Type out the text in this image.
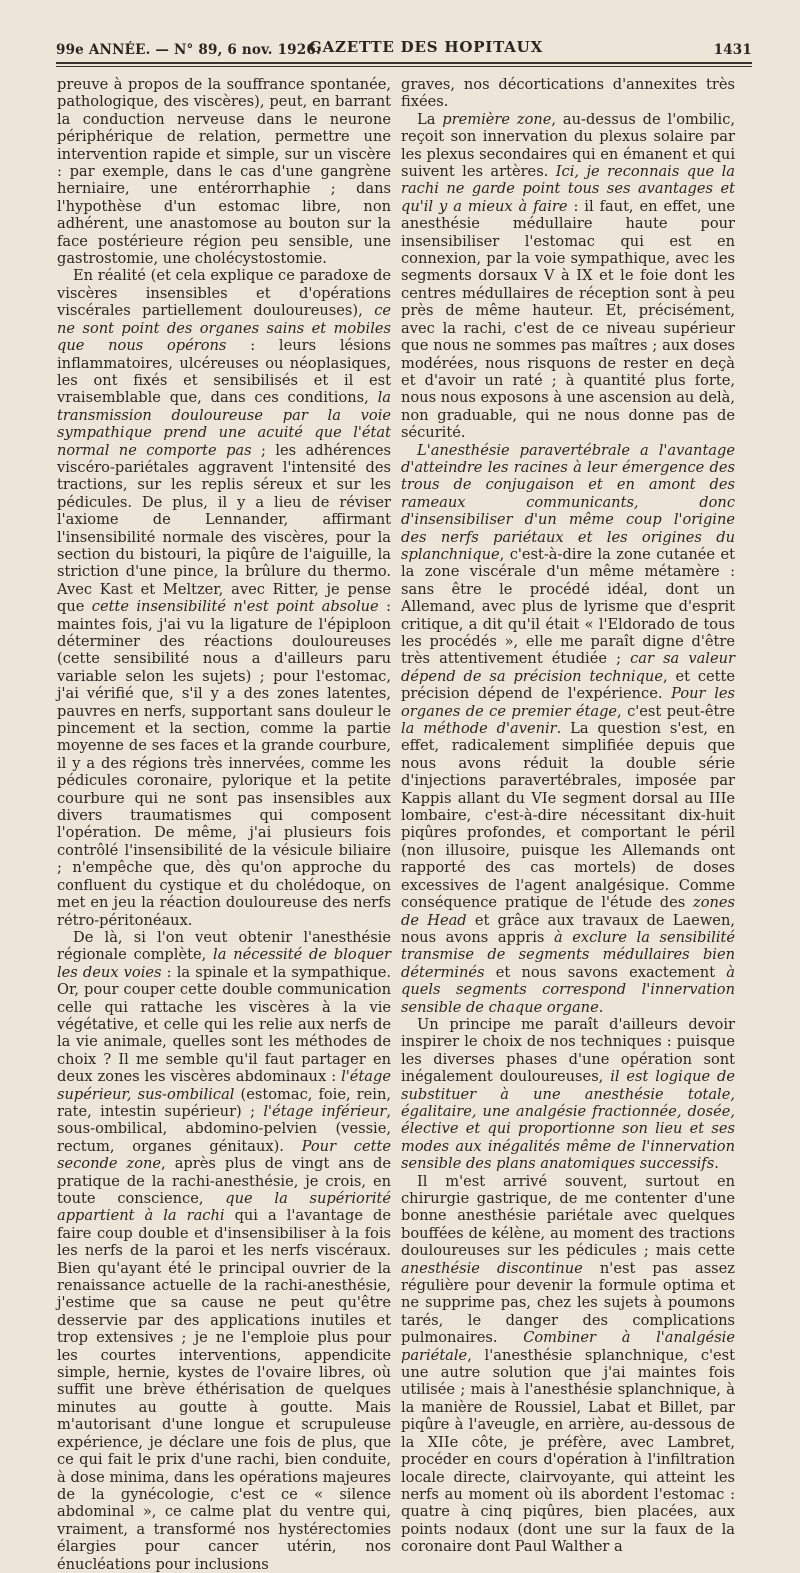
99e ANNÉE. — N° 89, 6 nov. 1926.
GAZETTE DES HOPITAUX	1431

preuve à propos de la souffrance spontanée, pathologique, des viscères), peut, en barrant la conduction nerveuse dans le neurone périphérique de relation, permettre une intervention rapide et simple, sur un viscère : par exemple, dans le cas d'une gangrène herniaire, une entérorrhaphie ; dans l'hypothèse d'un estomac libre, non adhérent, une anastomose au bouton sur la face postérieure région peu sensible, une gastrostomie, une cholécystostomie.

En réalité (et cela explique ce paradoxe de viscères insensibles et d'opérations viscérales partiellement douloureuses), ce ne sont point des organes sains et mobiles que nous opérons : leurs lésions inflammatoires, ulcéreuses ou néoplasiques, les ont fixés et sensibilisés et il est vraisemblable que, dans ces conditions, la transmission douloureuse par la voie sympathique prend une acuité que l'état normal ne comporte pas ; les adhérences viscéro-pariétales aggravent l'intensité des tractions, sur les replis séreux et sur les pédicules. De plus, il y a lieu de réviser l'axiome de Lennander, affirmant l'insensibilité normale des viscères, pour la section du bistouri, la piqûre de l'aiguille, la striction d'une pince, la brûlure du thermo. Avec Kast et Meltzer, avec Ritter, je pense que cette insensibilité n'est point absolue : maintes fois, j'ai vu la ligature de l'épiploon déterminer des réactions douloureuses (cette sensibilité nous a d'ailleurs paru variable selon les sujets) ; pour l'estomac, j'ai vérifié que, s'il y a des zones latentes, pauvres en nerfs, supportant sans douleur le pincement et la section, comme la partie moyenne de ses faces et la grande courbure, il y a des régions très innervées, comme les pédicules coronaire, pylorique et la petite courbure qui ne sont pas insensibles aux divers traumatismes qui composent l'opération. De même, j'ai plusieurs fois contrôlé l'insensibilité de la vésicule biliaire ; n'empêche que, dès qu'on approche du confluent du cystique et du cholédoque, on met en jeu la réaction douloureuse des nerfs rétro-péritonéaux.

De là, si l'on veut obtenir l'anesthésie régionale complète, la nécessité de bloquer les deux voies : la spinale et la sympathique. Or, pour couper cette double communication celle qui rattache les viscères à la vie végétative, et celle qui les relie aux nerfs de la vie animale, quelles sont les méthodes de choix ? Il me semble qu'il faut partager en deux zones les viscères abdominaux : l'étage supérieur, sus-ombilical (estomac, foie, rein, rate, intestin supérieur) ; l'étage inférieur, sous-ombilical, abdomino-pelvien (vessie, rectum, organes génitaux). Pour cette seconde zone, après plus de vingt ans de pratique de la rachi-anesthésie, je crois, en toute conscience, que la supériorité appartient à la rachi qui a l'avantage de faire coup double et d'insensibiliser à la fois les nerfs de la paroi et les nerfs viscéraux. Bien qu'ayant été le principal ouvrier de la renaissance actuelle de la rachi-anesthésie, j'estime que sa cause ne peut qu'être desservie par des applications inutiles et trop extensives ; je ne l'emploie plus pour les courtes interventions, appendicite simple, hernie, kystes de l'ovaire libres, où suffit une brève éthérisation de quelques minutes au goutte à goutte. Mais m'autorisant d'une longue et scrupuleuse expérience, je déclare une fois de plus, que ce qui fait le prix d'une rachi, bien conduite, à dose minima, dans les opérations majeures de la gynécologie, c'est ce « silence abdominal », ce calme plat du ventre qui, vraiment, a transformé nos hystérectomies élargies pour cancer utérin, nos énucléations pour inclusions

graves, nos décortications d'annexites très fixées.

La première zone, au-dessus de l'ombilic, reçoit son innervation du plexus solaire par les plexus secondaires qui en émanent et qui suivent les artères. Ici, je reconnais que la rachi ne garde point tous ses avantages et qu'il y a mieux à faire : il faut, en effet, une anesthésie médullaire haute pour insensibiliser l'estomac qui est en connexion, par la voie sympathique, avec les segments dorsaux V à IX et le foie dont les centres médullaires de réception sont à peu près de même hauteur. Et, précisément, avec la rachi, c'est de ce niveau supérieur que nous ne sommes pas maîtres ; aux doses modérées, nous risquons de rester en deçà et d'avoir un raté ; à quantité plus forte, nous nous exposons à une ascension au delà, non graduable, qui ne nous donne pas de sécurité.

L'anesthésie paravertébrale a l'avantage d'atteindre les racines à leur émergence des trous de conjugaison et en amont des rameaux communicants, donc d'insensibiliser d'un même coup l'origine des nerfs pariétaux et les origines du splanchnique, c'est-à-dire la zone cutanée et la zone viscérale d'un même métamère : sans être le procédé idéal, dont un Allemand, avec plus de lyrisme que d'esprit critique, a dit qu'il était « l'Eldorado de tous les procédés », elle me paraît digne d'être très attentivement étudiée ; car sa valeur dépend de sa précision technique, et cette précision dépend de l'expérience. Pour les organes de ce premier étage, c'est peut-être la méthode d'avenir. La question s'est, en effet, radicalement simplifiée depuis que nous avons réduit la double série d'injections paravertébrales, imposée par Kappis allant du VIe segment dorsal au IIIe lombaire, c'est-à-dire nécessitant dix-huit piqûres profondes, et comportant le péril (non illusoire, puisque les Allemands ont rapporté des cas mortels) de doses excessives de l'agent analgésique. Comme conséquence pratique de l'étude des zones de Head et grâce aux travaux de Laewen, nous avons appris à exclure la sensibilité transmise de segments médullaires bien déterminés et nous savons exactement à quels segments correspond l'innervation sensible de chaque organe.

Un principe me paraît d'ailleurs devoir inspirer le choix de nos techniques : puisque les diverses phases d'une opération sont inégalement douloureuses, il est logique de substituer à une anesthésie totale, égalitaire, une analgésie fractionnée, dosée, élective et qui proportionne son lieu et ses modes aux inégalités même de l'innervation sensible des plans anatomiques successifs.

Il m'est arrivé souvent, surtout en chirurgie gastrique, de me contenter d'une bonne anesthésie pariétale avec quelques bouffées de kélène, au moment des tractions douloureuses sur les pédicules ; mais cette anesthésie discontinue n'est pas assez régulière pour devenir la formule optima et ne supprime pas, chez les sujets à poumons tarés, le danger des complications pulmonaires. Combiner à l'analgésie pariétale, l'anesthésie splanchnique, c'est une autre solution que j'ai maintes fois utilisée ; mais à l'anesthésie splanchnique, à la manière de Roussiel, Labat et Billet, par piqûre à l'aveugle, en arrière, au-dessous de la XIIe côte, je préfère, avec Lambret, procéder en cours d'opération à l'infiltration locale directe, clairvoyante, qui atteint les nerfs au moment où ils abordent l'estomac : quatre à cinq piqûres, bien placées, aux points nodaux (dont une sur la faux de la coronaire dont Paul Walther a
